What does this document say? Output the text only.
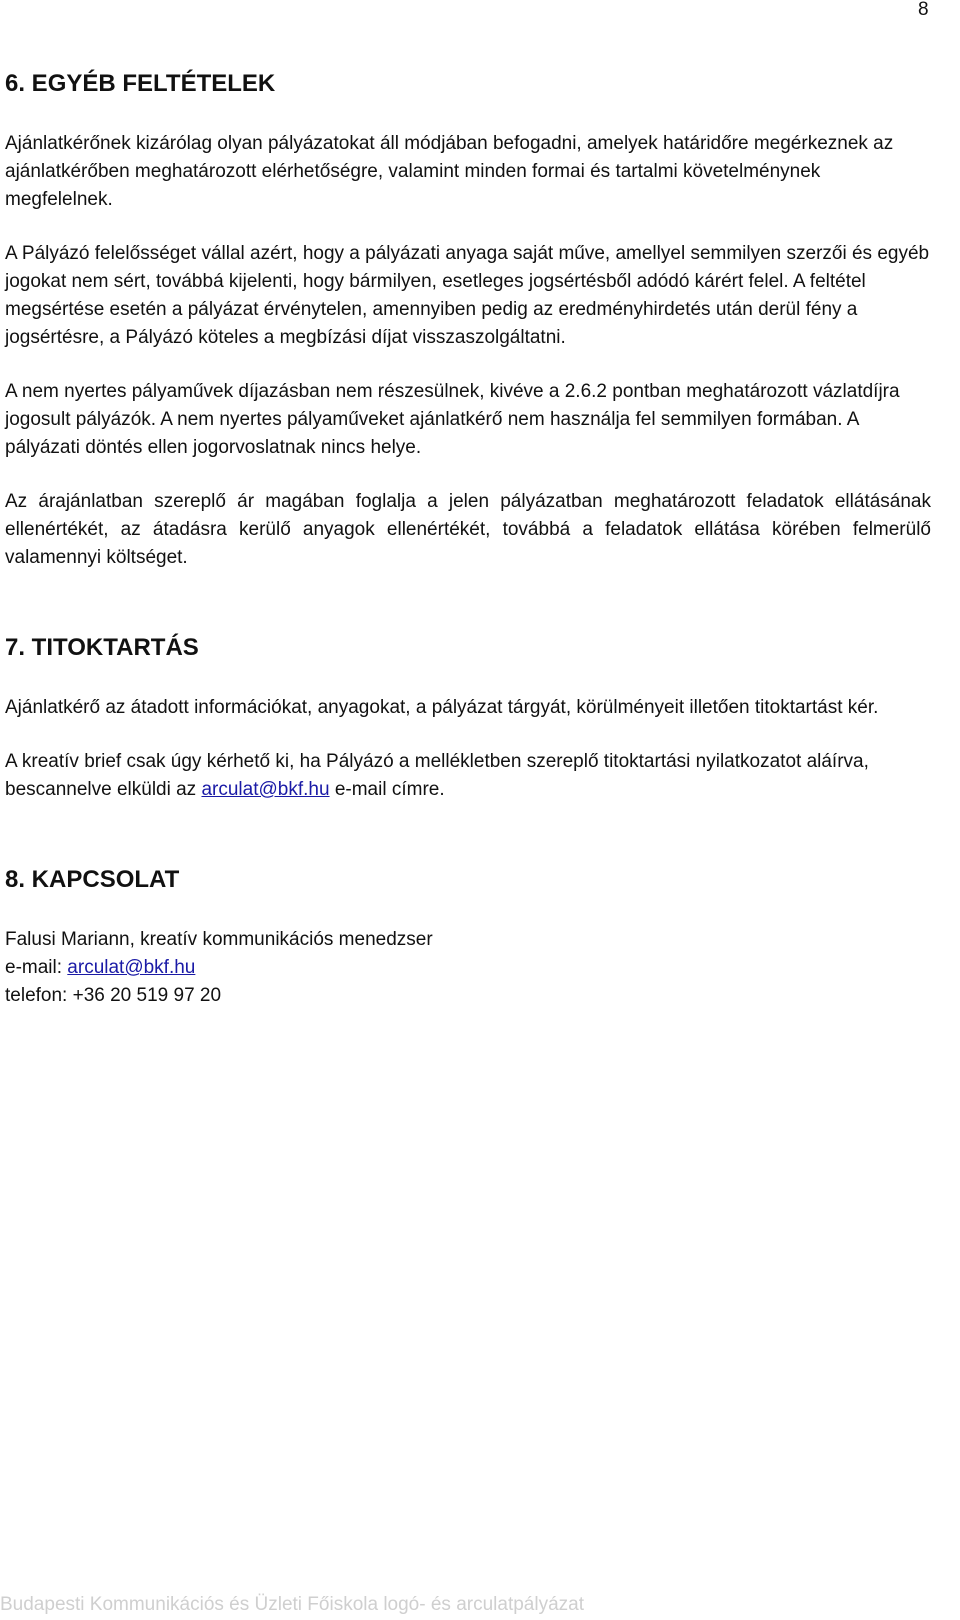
8
6. EGYÉB FELTÉTELEK

Ajánlatkérőnek kizárólag olyan pályázatokat áll módjában befogadni, amelyek határidőre megérkeznek az ajánlatkérőben meghatározott elérhetőségre, valamint minden formai és tartalmi követelménynek megfelelnek.

A Pályázó felelősséget vállal azért, hogy a pályázati anyaga saját műve, amellyel semmilyen szerzői és egyéb jogokat nem sért, továbbá kijelenti, hogy bármilyen, esetleges jogsértésből adódó kárért felel. A feltétel megsértése esetén a pályázat érvénytelen, amennyiben pedig az eredményhirdetés után derül fény a jogsértésre, a Pályázó köteles a megbízási díjat visszaszolgáltatni.

A nem nyertes pályaművek díjazásban nem részesülnek, kivéve a 2.6.2 pontban meghatározott vázlatdíjra jogosult pályázók. A nem nyertes pályaműveket ajánlatkérő nem használja fel semmilyen formában. A pályázati döntés ellen jogorvoslatnak nincs helye.

Az árajánlatban szereplő ár magában foglalja a jelen pályázatban meghatározott feladatok ellátásának ellenértékét, az átadásra kerülő anyagok ellenértékét, továbbá a feladatok ellátása körében felmerülő valamennyi költséget.

7. TITOKTARTÁS

Ajánlatkérő az átadott információkat, anyagokat, a pályázat tárgyát, körülményeit illetően titoktartást kér.

A kreatív brief csak úgy kérhető ki, ha Pályázó a mellékletben szereplő titoktartási nyilatkozatot aláírva, bescannelve elküldi az arculat@bkf.hu e-mail címre.

8. KAPCSOLAT

Falusi Mariann, kreatív kommunikációs menedzser

e-mail: arculat@bkf.hu

telefon: +36 20 519 97 20

Budapesti Kommunikációs és Üzleti Főiskola logó- és arculatpályázat
